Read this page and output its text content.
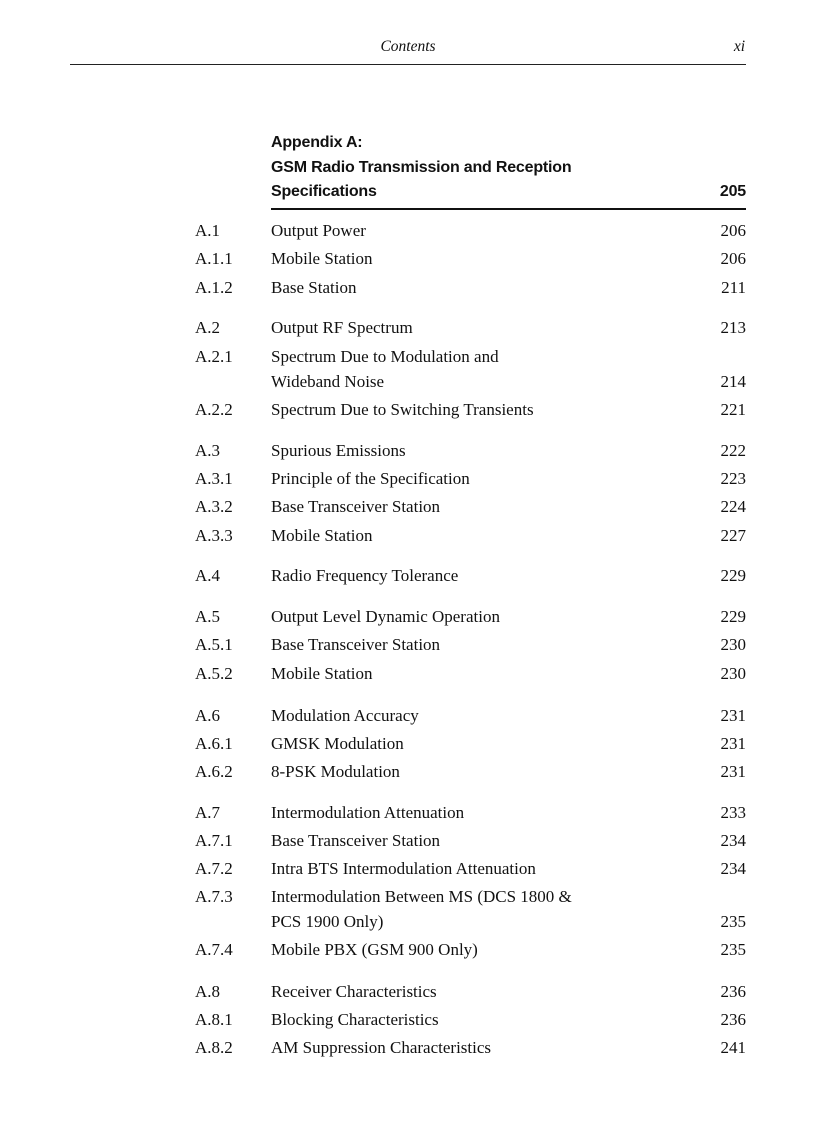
Contents	xi
Appendix A:
GSM Radio Transmission and Reception
Specifications	205
A.1	Output Power	206
A.1.1 Mobile Station	206
A.1.2 Base Station	211
A.2	Output RF Spectrum	213
A.2.1 Spectrum Due to Modulation and
Wideband Noise	214
A.2.2 Spectrum Due to Switching Transients	221
A.3	Spurious Emissions	222
A.3.1 Principle of the Specification	223
A.3.2 Base Transceiver Station	224
A.3.3 Mobile Station	227
A.4	Radio Frequency Tolerance	229
A.5	Output Level Dynamic Operation	229
A.5.1 Base Transceiver Station	230
A.5.2 Mobile Station	230
A.6	Modulation Accuracy	231
A.6.1 GMSK Modulation	231
A.6.2 8-PSK Modulation	231
A.7	Intermodulation Attenuation	233
A.7.1 Base Transceiver Station	234
A.7.2 Intra BTS Intermodulation Attenuation	234
A.7.3 Intermodulation Between MS (DCS 1800 &
PCS 1900 Only)	235
A.7.4 Mobile PBX (GSM 900 Only)	235
A.8	Receiver Characteristics	236
A.8.1 Blocking Characteristics	236
A.8.2 AM Suppression Characteristics	241
